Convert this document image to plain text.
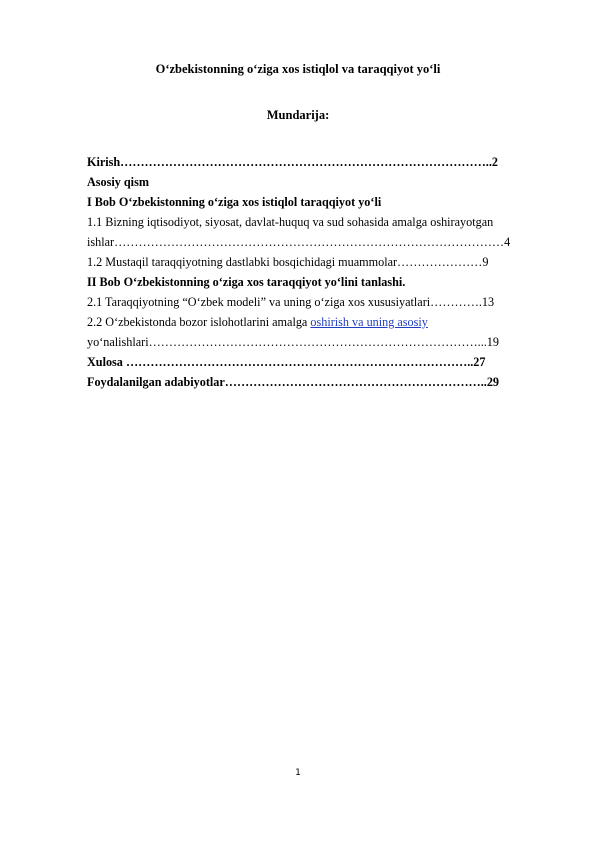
O‘zbekistonning o‘ziga xos istiqlol va taraqqiyot yo‘li
Mundarija:
Kirish………………………………………………………………………………..2
Asosiy qism
I Bob O‘zbekistonning o‘ziga xos istiqlol taraqqiyot yo‘li
1.1 Bizning iqtisodiyot, siyosat, davlat-huquq va sud sohasida amalga oshirayotgan
ishlar……………………………………………………………………………………4
1.2 Mustaqil taraqqiyotning dastlabki bosqichidagi muammolar…………………9
II Bob O‘zbekistonning o‘ziga xos taraqqiyot yo‘lini tanlashi.
2.1 Taraqqiyotning “O‘zbek modeli” va uning o‘ziga xos xususiyatlari………….13
2.2 O‘zbekistonda bozor islohotlarini amalga oshirish va uning asosiy
yo‘nalishlari………………………………………………………………………...19
Xulosa …………………………………………………………………………..27
Foydalanilgan adabiyotlar………………………………………………………..29
1
